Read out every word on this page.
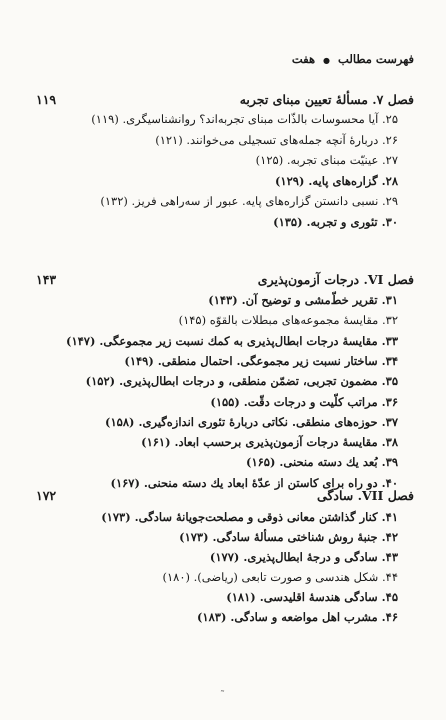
فهرست مطالب ● هفت
فصل ۷. مسألهٔ تعیین مبنای تجربه
۱۱۹
۲۵. آیا محسوسات بالذّات مبنای تجربه‌اند؟ روانشناسیگری. (۱۱۹)
۲۶. دربارهٔ آنچه جمله‌های تسجیلی می‌خوانند. (۱۲۱)
۲۷. عینیّت مبنای تجربه. (۱۲۵)
۲۸. گزاره‌های پایه. (۱۲۹)
۲۹. نسبی دانستن گزاره‌های پایه. عبور از سه‌راهی فریز. (۱۳۲)
۳۰. تئوری و تجربه. (۱۳۵)
فصل VI. درجات آزمون‌پذیری
۱۴۳
۳۱. تقریر خطّ‌مشی و توضیح آن. (۱۴۳)
۳۲. مقایسهٔ مجموعه‌های مبطلات بالقوّه (۱۴۵)
۳۳. مقایسهٔ درجات ابطال‌پذیری به کمك نسبت زیر مجموعگی. (۱۴۷)
۳۴. ساختار نسبت زیر مجموعگی. احتمال منطقی. (۱۴۹)
۳۵. مضمون تجربی، تضمّن منطقی، و درجات ابطال‌پذیری. (۱۵۲)
۳۶. مراتب کلّیت و درجات دقّت. (۱۵۵)
۳۷. حوزه‌های منطقی. نکاتی دربارهٔ تئوری اندازه‌گیری. (۱۵۸)
۳۸. مقایسهٔ درجات آزمون‌پذیری برحسب ابعاد. (۱۶۱)
۳۹. بُعد یك دسته منحنی. (۱۶۵)
۴۰. دو راه برای کاستن از عدّهٔ ابعاد یك دسته منحنی. (۱۶۷)
فصل VII. سادگی
۱۷۲
۴۱. کنار گذاشتن معانی ذوقی و مصلحت‌جویانهٔ سادگی. (۱۷۳)
۴۲. جنبهٔ روش شناختی مسألهٔ سادگی. (۱۷۳)
۴۳. سادگی و درجهٔ ابطال‌پذیری. (۱۷۷)
۴۴. شکل هندسی و صورت تابعی (ریاضی). (۱۸۰)
۴۵. سادگی هندسهٔ اقلیدسی. (۱۸۱)
۴۶. مشرب اهل مواضعه و سادگی. (۱۸۳)
˜
